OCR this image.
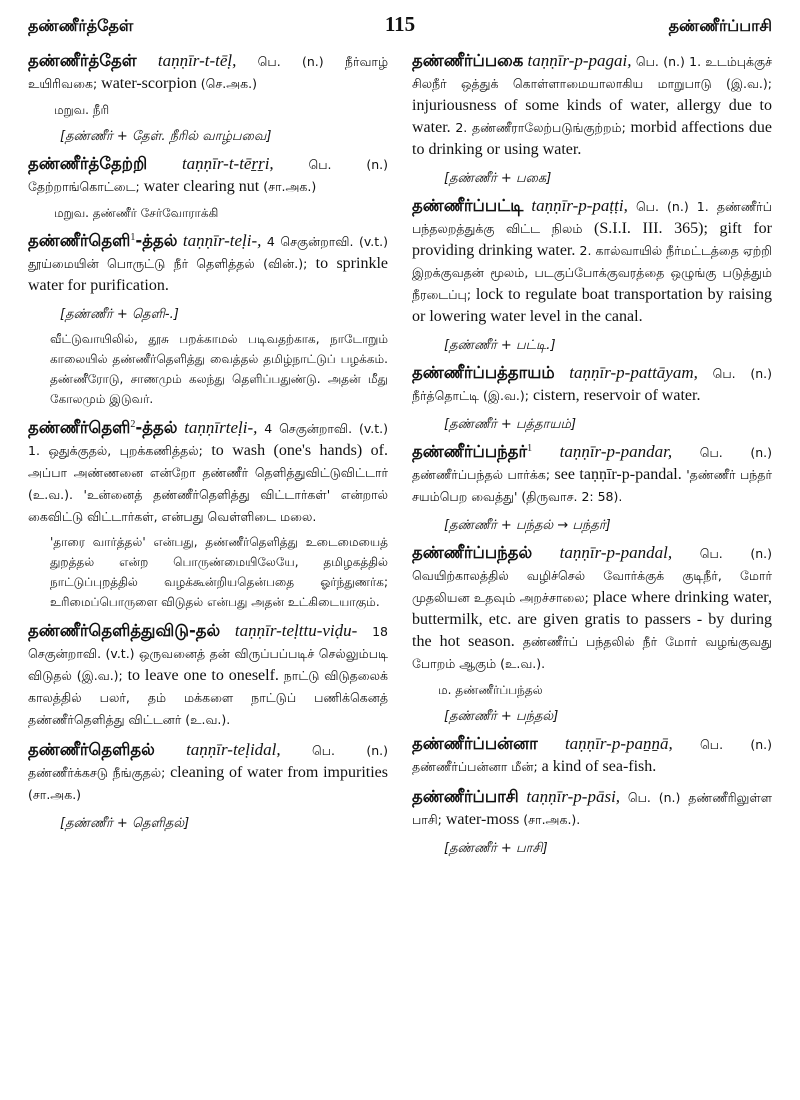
தண்ணீர்த்தேள்	115	தண்ணீர்ப்பாசி
தண்ணீர்த்தேள் taṇṇīr-t-tēḷ, பெ. (n.) நீர்வாழ் உயிரிவகை; water-scorpion (செ.அக.)
மறுவ. நீரி
[தண்ணீர் + தேள். நீரில் வாழ்பவை]
தண்ணீர்த்தேற்றி taṇṇīr-t-tēṟṟi, பெ. (n.) தேற்றாங்கொட்டை; water clearing nut (சா.அக.)
மறுவ. தண்ணீர் சேர்வோராக்கி
தண்ணீர்தெளி$^1$-த்தல் taṇṇīr-teḷi-, 4 செகுன்றாவி. (v.t.) தூய்மையின் பொருட்டு நீர் தெளித்தல் (வின்.); to sprinkle water for purification.
[தண்ணீர் + தெளி-.]
வீட்டுவாயிலில், தூசு பறக்காமல் படிவதற்காக, நாடோறும் காலையில் தண்ணீர்தெளித்து வைத்தல் தமிழ்நாட்டுப் பழக்கம். தண்ணீரோடு, சாணமும் கலந்து தெளிப்பதுண்டு. அதன் மீது கோலமும் இடுவர்.
தண்ணீர்தெளி$^2$-த்தல் taṇṇīrteḷi-, 4 செகுன்றாவி. (v.t.) 1. ஒதுக்குதல், புறக்கணித்தல்; to wash (one's hands) of. அப்பா அண்ணனை என்றோ தண்ணீர் தெளித்துவிட்டுவிட்டார் (உ.வ.). 'உன்னைத் தண்ணீர்தெளித்து விட்டார்கள்' என்றால் கைவிட்டு விட்டார்கள், என்பது வெள்ளிடை மலை.
'தாரை வார்த்தல்' என்பது, தண்ணீர்தெளித்து உடைமையைத் துறத்தல் என்ற பொருண்மையிலேயே, தமிழகத்தில் நாட்டுப்புறத்தில் வழக்கூன்றியதென்பதை ஓர்ந்துணர்க; உரிமைப்பொருளை விடுதல் என்பது அதன் உட்கிடையாகும்.
தண்ணீர்தெளித்துவிடு-தல் taṇṇīr-teḷttu-viḍu- 18 செகுன்றாவி. (v.t.) ஒருவனைத் தன் விருப்பப்படிச் செல்லும்படி விடுதல் (இ.வ.); to leave one to oneself. நாட்டு விடுதலைக் காலத்தில் பலர், தம் மக்களை நாட்டுப் பணிக்கெனத் தண்ணீர்தெளித்து விட்டனர் (உ.வ.).
தண்ணீர்தெளிதல் taṇṇīr-teḷidal, பெ. (n.) தண்ணீர்க்கசடு நீங்குதல்; cleaning of water from impurities (சா.அக.)
[தண்ணீர் + தெளிதல்]
தண்ணீர்ப்பகை taṇṇīr-p-pagai, பெ. (n.) 1. உடம்புக்குச் சிலநீர் ஒத்துக் கொள்ளாமையாலாகிய மாறுபாடு (இ.வ.); injuriousness of some kinds of water, allergy due to water. 2. தண்ணீராலேற்படுங்குற்றம்; morbid affections due to drinking or using water.
[தண்ணீர் + பகை]
தண்ணீர்ப்பட்டி taṇṇīr-p-paṭṭi, பெ. (n.) 1. தண்ணீர்ப் பந்தலறத்துக்கு விட்ட நிலம் (S.I.I. III. 365); gift for providing drinking water. 2. கால்வாயில் நீர்மட்டத்தை ஏற்றி இறக்குவதன் மூலம், படகுப்போக்குவரத்தை ஒழுங்கு படுத்தும் நீரடைப்பு; lock to regulate boat transportation by raising or lowering water level in the canal.
[தண்ணீர் + பட்டி.]
தண்ணீர்ப்பத்தாயம் taṇṇīr-p-pattāyam, பெ. (n.) நீர்த்தொட்டி (இ.வ.); cistern, reservoir of water.
[தண்ணீர் + பத்தாயம்]
தண்ணீர்ப்பந்தர்$^1$ taṇṇīr-p-pandar, பெ. (n.) தண்ணீர்ப்பந்தல் பார்க்க; see taṇṇīr-p-pandal. 'தண்ணீர் பந்தர் சயம்பெற வைத்து' (திருவாச. 2: 58).
[தண்ணீர் + பந்தல் → பந்தர்]
தண்ணீர்ப்பந்தல் taṇṇīr-p-pandal, பெ. (n.) வெயிற்காலத்தில் வழிச்செல் வோர்க்குக் குடிநீர், மோர் முதலியன உதவும் அறச்சாலை; place where drinking water, buttermilk, etc. are given gratis to passers - by during the hot season. தண்ணீர்ப் பந்தலில் நீர் மோர் வழங்குவது போறம் ஆகும் (உ.வ.).
ம. தண்ணீர்ப்பந்தல்
[தண்ணீர் + பந்தல்]
தண்ணீர்ப்பன்னா taṇṇīr-p-paṉṉā, பெ. (n.) தண்ணீர்ப்பன்னா மீன்; a kind of sea-fish.
தண்ணீர்ப்பாசி taṇṇīr-p-pāsi, பெ. (n.) தண்ணீரிலுள்ள பாசி; water-moss (சா.அக.).
[தண்ணீர் + பாசி]
